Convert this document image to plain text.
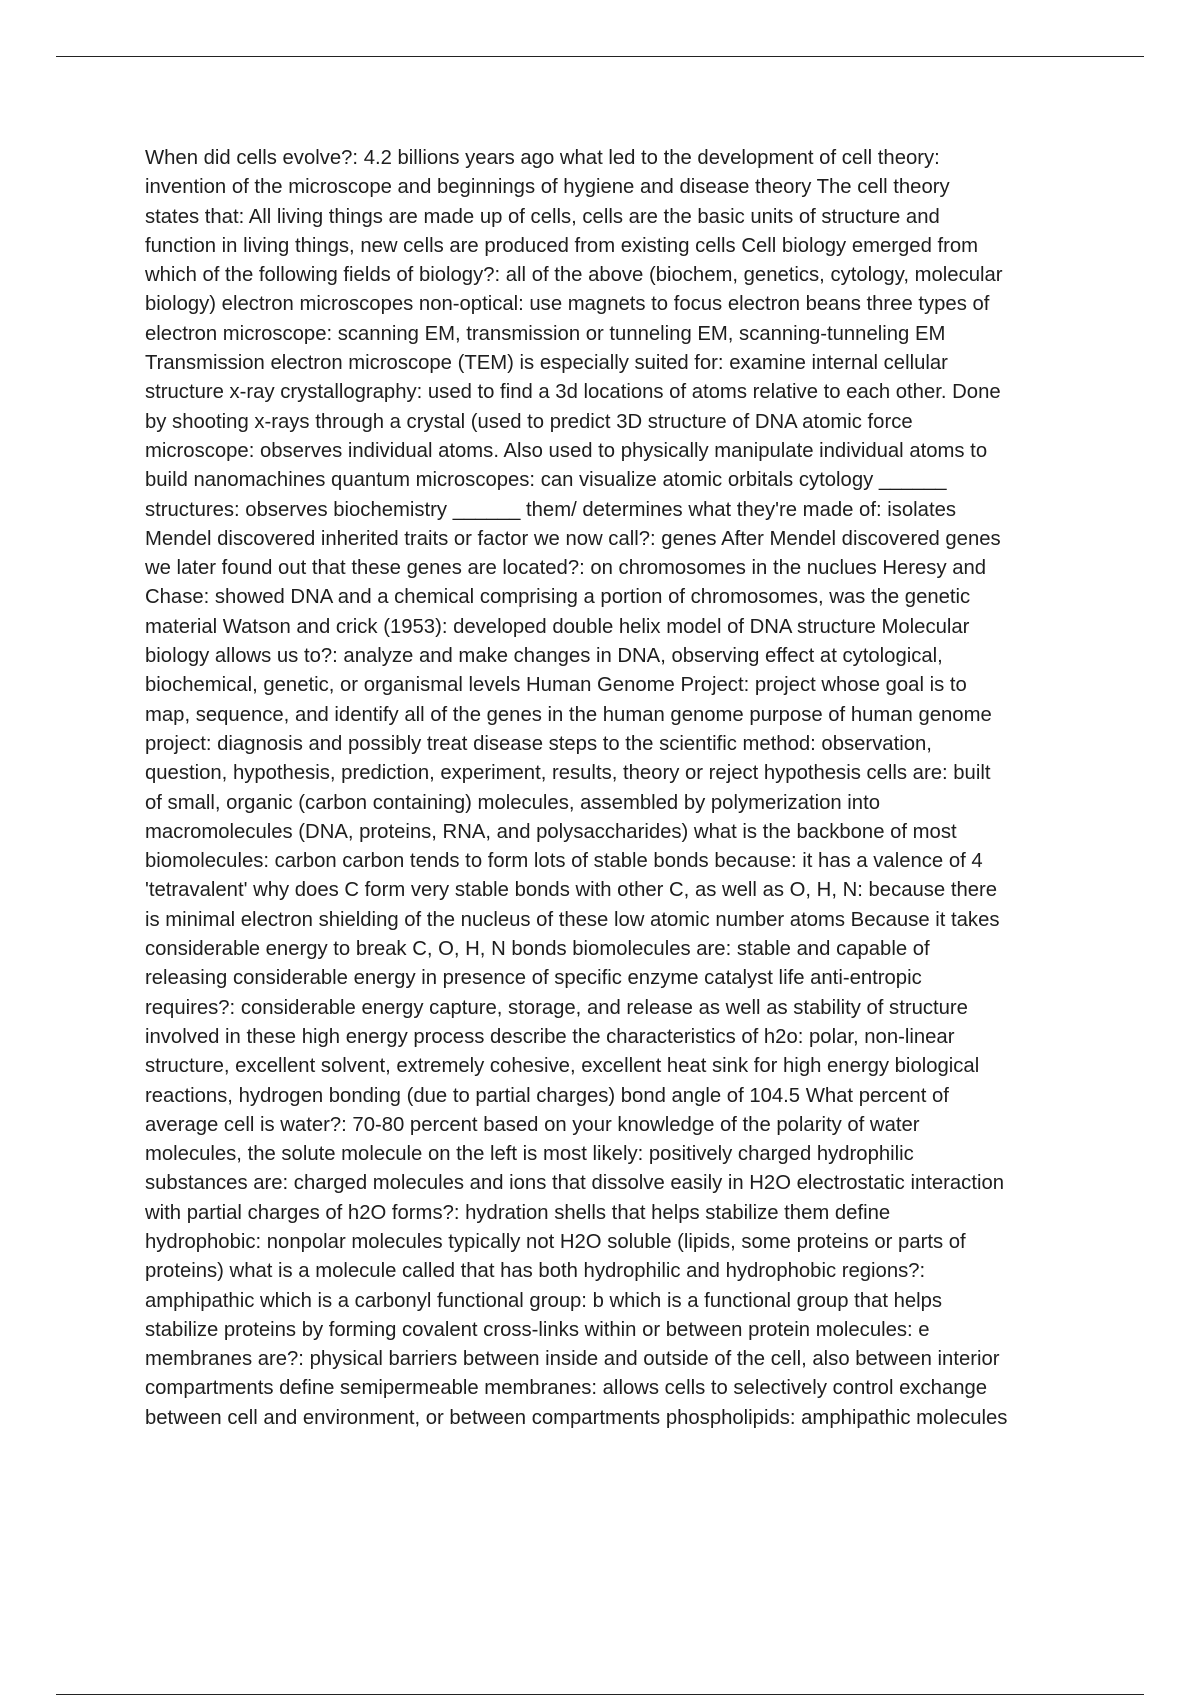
When did cells evolve?: 4.2 billions years ago what led to the development of cell theory:
invention of the microscope and beginnings of hygiene and disease theory The cell theory
states that: All living things are made up of cells, cells are the basic units of structure and
function in living things, new cells are produced from existing cells Cell biology emerged from
which of the following fields of biology?: all of the above (biochem, genetics, cytology, molecular
biology) electron microscopes non-optical: use magnets to focus electron beans three types of
electron microscope: scanning EM, transmission or tunneling EM, scanning-tunneling EM
Transmission electron microscope (TEM) is especially suited for: examine internal cellular
structure x-ray crystallography: used to find a 3d locations of atoms relative to each other. Done
by shooting x-rays through a crystal (used to predict 3D structure of DNA atomic force
microscope: observes individual atoms. Also used to physically manipulate individual atoms to
build nanomachines quantum microscopes: can visualize atomic orbitals cytology ______
structures: observes biochemistry ______ them/ determines what they're made of: isolates
Mendel discovered inherited traits or factor we now call?: genes After Mendel discovered genes
we later found out that these genes are located?: on chromosomes in the nuclues Heresy and
Chase: showed DNA and a chemical comprising a portion of chromosomes, was the genetic
material Watson and crick (1953): developed double helix model of DNA structure Molecular
biology allows us to?: analyze and make changes in DNA, observing effect at cytological,
biochemical, genetic, or organismal levels Human Genome Project: project whose goal is to
map, sequence, and identify all of the genes in the human genome purpose of human genome
project: diagnosis and possibly treat disease steps to the scientific method: observation,
question, hypothesis, prediction, experiment, results, theory or reject hypothesis cells are: built
of small, organic (carbon containing) molecules, assembled by polymerization into
macromolecules (DNA, proteins, RNA, and polysaccharides) what is the backbone of most
biomolecules: carbon carbon tends to form lots of stable bonds because: it has a valence of 4
'tetravalent' why does C form very stable bonds with other C, as well as O, H, N: because there
is minimal electron shielding of the nucleus of these low atomic number atoms Because it takes
considerable energy to break C, O, H, N bonds biomolecules are: stable and capable of
releasing considerable energy in presence of specific enzyme catalyst life anti-entropic
requires?: considerable energy capture, storage, and release as well as stability of structure
involved in these high energy process describe the characteristics of h2o: polar, non-linear
structure, excellent solvent, extremely cohesive, excellent heat sink for high energy biological
reactions, hydrogen bonding (due to partial charges) bond angle of 104.5 What percent of
average cell is water?: 70-80 percent based on your knowledge of the polarity of water
molecules, the solute molecule on the left is most likely: positively charged hydrophilic
substances are: charged molecules and ions that dissolve easily in H2O electrostatic interaction
with partial charges of h2O forms?: hydration shells that helps stabilize them define
hydrophobic: nonpolar molecules typically not H2O soluble (lipids, some proteins or parts of
proteins) what is a molecule called that has both hydrophilic and hydrophobic regions?:
amphipathic which is a carbonyl functional group: b which is a functional group that helps
stabilize proteins by forming covalent cross-links within or between protein molecules: e
membranes are?: physical barriers between inside and outside of the cell, also between interior
compartments define semipermeable membranes: allows cells to selectively control exchange
between cell and environment, or between compartments phospholipids: amphipathic molecules
